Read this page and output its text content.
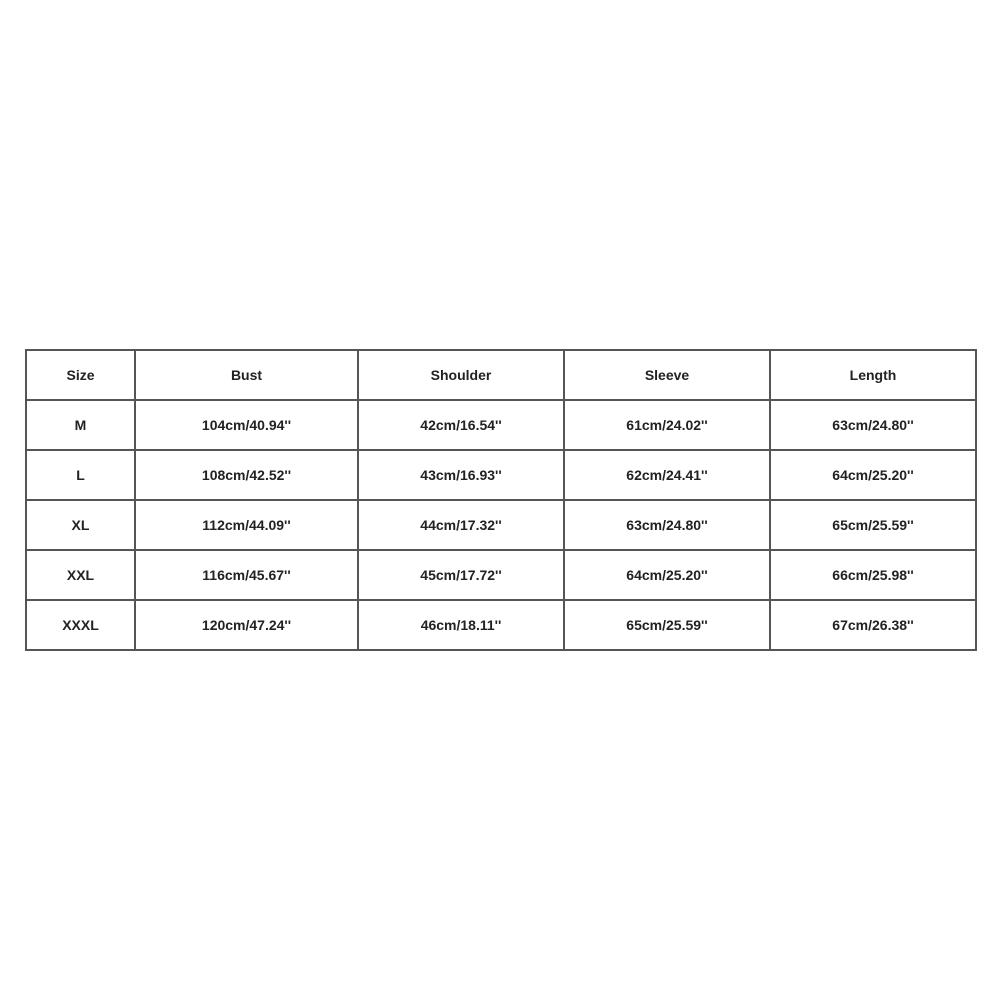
Size	Bust	Shoulder	Sleeve	Length
M	104cm/40.94''	42cm/16.54''	61cm/24.02''	63cm/24.80''
L	108cm/42.52''	43cm/16.93''	62cm/24.41''	64cm/25.20''
XL	112cm/44.09''	44cm/17.32''	63cm/24.80''	65cm/25.59''
XXL	116cm/45.67''	45cm/17.72''	64cm/25.20''	66cm/25.98''
XXXL	120cm/47.24''	46cm/18.11''	65cm/25.59''	67cm/26.38''
